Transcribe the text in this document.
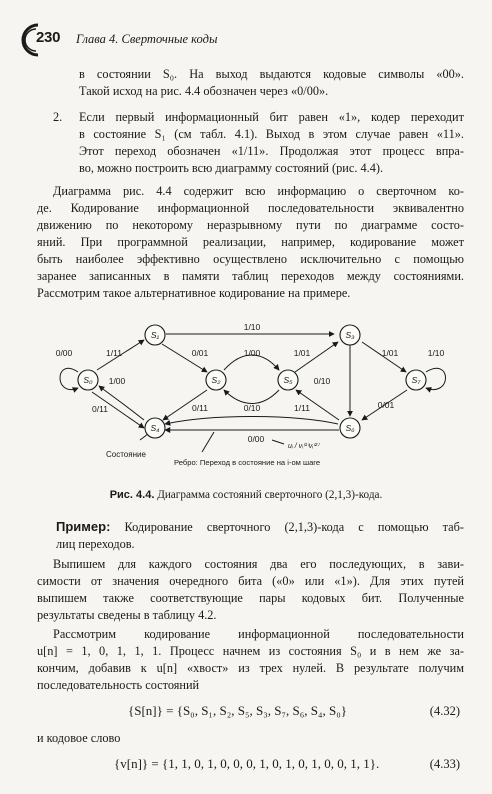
230 Глава 4. Сверточные коды
в состоянии S₀. На выход выдаются кодовые символы «00».
Такой исход на рис. 4.4 обозначен через «0/00».
2.	Если первый информационный бит равен «1», кодер переходит
в состояние S₁ (см табл. 4.1). Выход в этом случае равен «11».
Этот переход обозначен «1/11». Продолжая этот процесс впра-
во, можно построить всю диаграмму состояний (рис. 4.4).
Диаграмма рис. 4.4 содержит всю информацию о сверточном ко-
де. Кодирование информационной последовательности эквивалентно
движению по некоторому неразрывному пути по диаграмме состо-
яний. При программной реализации, например, кодирование может
быть наиболее эффективно осуществлено исключительно с помощью
заранее записанных в памяти таблиц переходов между состояниями.
Рассмотрим такое альтернативное кодирование на примере.
S₀
S₁
S₂	S₅
S₃
S₄	S₆
S₇
0/00	1/11
1/00
0/11
1/10
0/01	1/00	1/01
0/10
0/11	0/10	1/11
1/01	1/10
0/01
0/00
uᵢ / vᵢ⁽¹⁾vᵢ⁽²⁾
Состояние
Ребро: Переход в состояние на i-ом шаге
Рис. 4.4. Диаграмма состояний сверточного (2,1,3)-кода.
Пример: Кодирование сверточного (2,1,3)-кода с помощью таб-
лиц переходов.
Выпишем для каждого состояния два его последующих, в зави-
симости от значения очередного бита («0» или «1»). Для этих путей
выпишем также соответствующие пары кодовых бит. Полученные
результаты сведены в таблицу 4.2.
Рассмотрим кодирование информационной последовательности
u[n] = 1, 0, 1, 1, 1. Процесс начнем из состояния S₀ и в нем же за-
кончим, добавив к u[n] «хвост» из трех нулей. В результате получим
последовательность состояний
{S[n]} = {S₀, S₁, S₂, S₅, S₃, S₇, S₆, S₄, S₀}	(4.32)
и кодовое слово
{v[n]} = {1, 1, 0, 1, 0, 0, 0, 1, 0, 1, 0, 1, 0, 0, 1, 1}.	(4.33)
